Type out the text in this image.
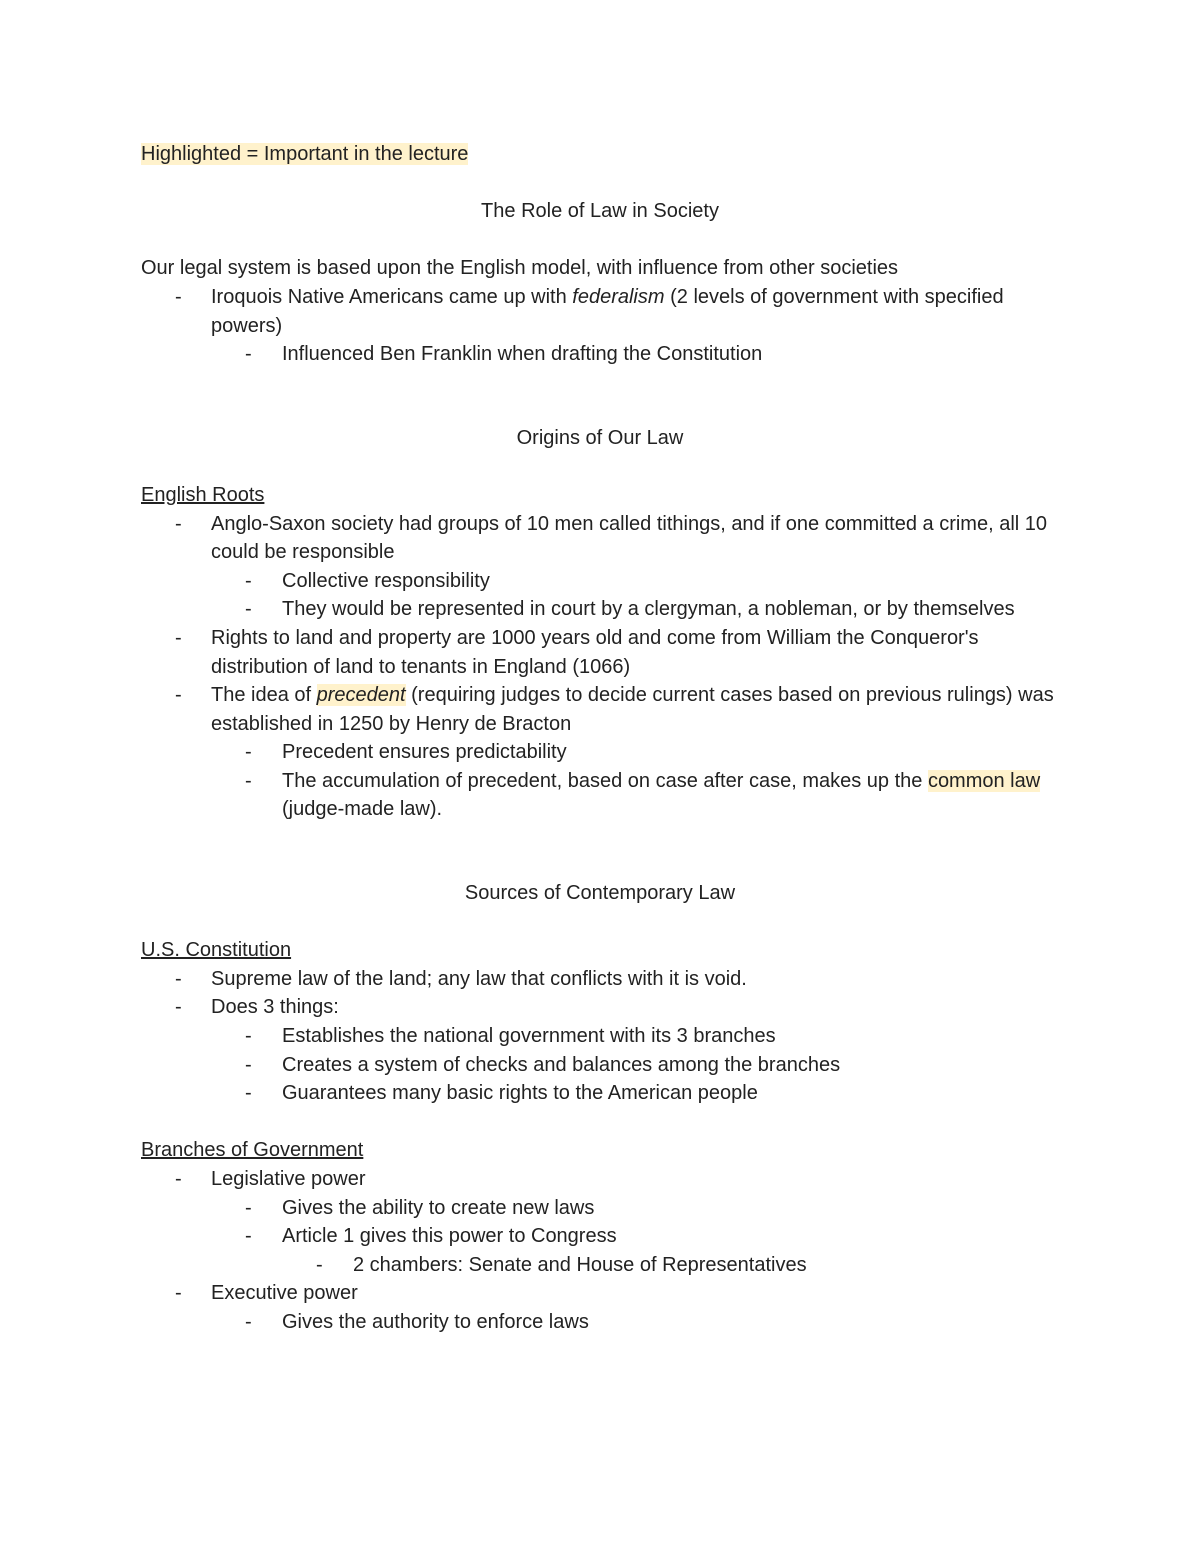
Highlighted = Important in the lecture
The Role of Law in Society
Our legal system is based upon the English model, with influence from other societies
- Iroquois Native Americans came up with federalism (2 levels of government with specified powers)
- Influenced Ben Franklin when drafting the Constitution
Origins of Our Law
English Roots
- Anglo-Saxon society had groups of 10 men called tithings, and if one committed a crime, all 10 could be responsible
- Collective responsibility
- They would be represented in court by a clergyman, a nobleman, or by themselves
- Rights to land and property are 1000 years old and come from William the Conqueror's distribution of land to tenants in England (1066)
- The idea of precedent (requiring judges to decide current cases based on previous rulings) was established in 1250 by Henry de Bracton
- Precedent ensures predictability
- The accumulation of precedent, based on case after case, makes up the common law (judge-made law).
Sources of Contemporary Law
U.S. Constitution
- Supreme law of the land; any law that conflicts with it is void.
- Does 3 things:
- Establishes the national government with its 3 branches
- Creates a system of checks and balances among the branches
- Guarantees many basic rights to the American people
Branches of Government
- Legislative power
- Gives the ability to create new laws
- Article 1 gives this power to Congress
- 2 chambers: Senate and House of Representatives
- Executive power
- Gives the authority to enforce laws
